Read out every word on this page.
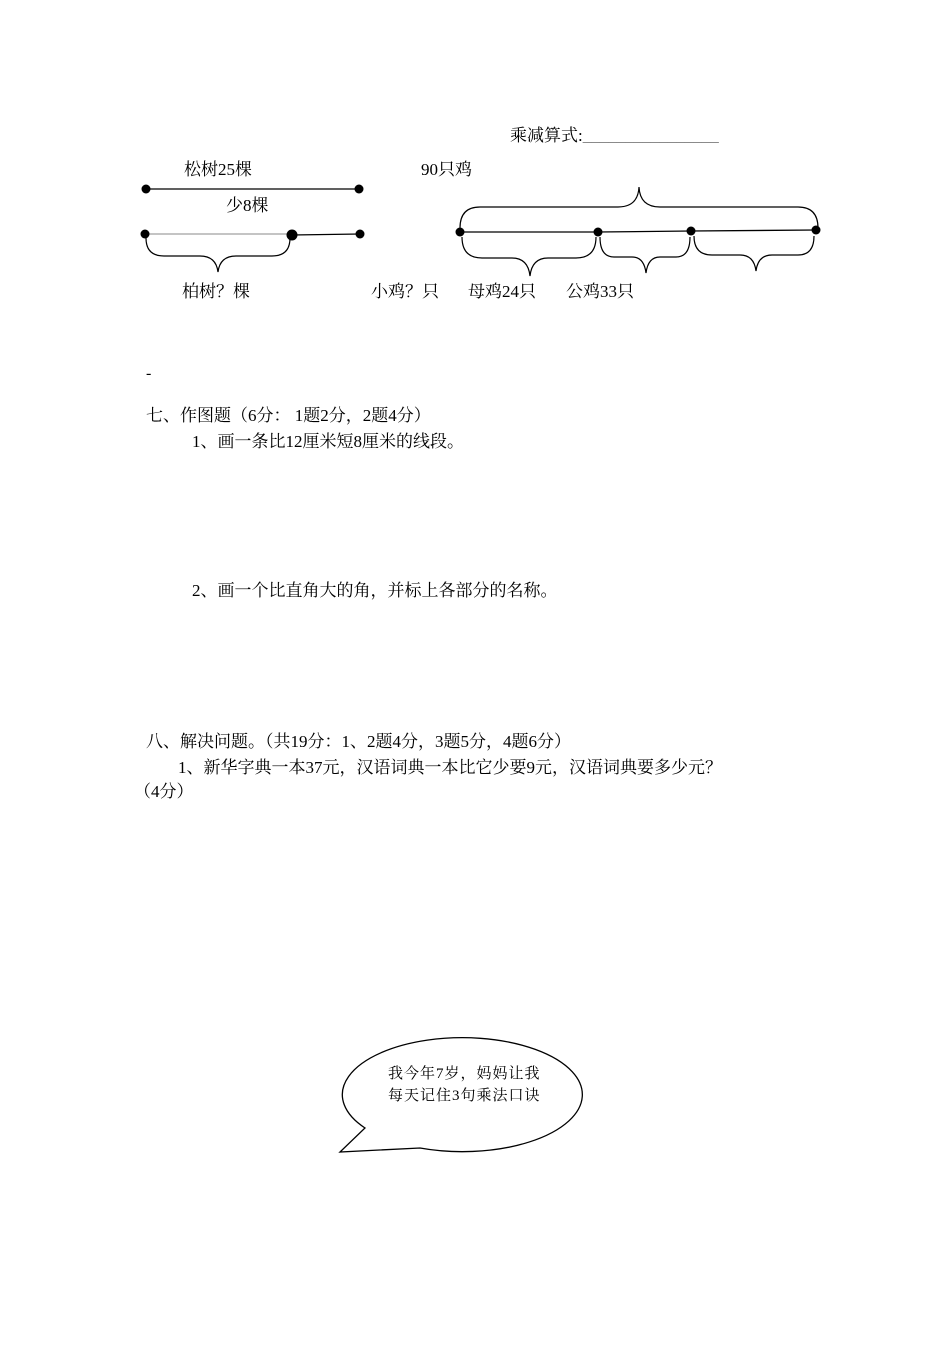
乘减算式:________________
松树25棵
少8棵
柏树？棵
90只鸡
小鸡？只 母鸡24只 公鸡33只
-
七、作图题（6分： 1题2分，2题4分）
1、画一条比12厘米短8厘米的线段。
2、画一个比直角大的角，并标上各部分的名称。
八、解决问题。（共19分：1、2题4分，3题5分，4题6分）
1、新华字典一本37元，汉语词典一本比它少要9元，汉语词典要多少元？
（4分）
我今年7岁，妈妈让我每天记住3句乘法口诀
